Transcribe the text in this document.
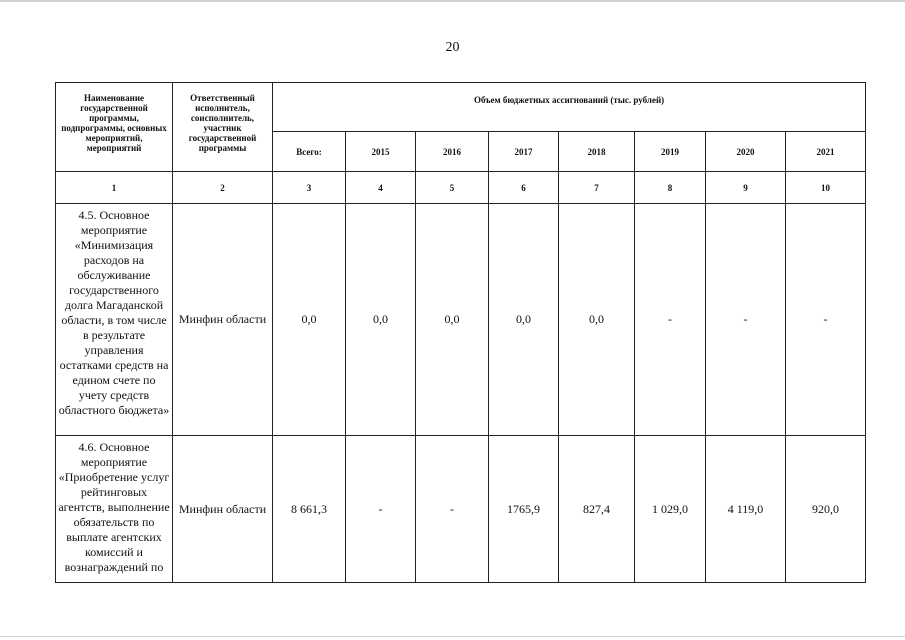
20
Наименование государственной программы, подпрограммы, основных мероприятий, мероприятий	Ответственный исполнитель, соисполнитель, участник государственной программы	Объем бюджетных ассигнований (тыс. рублей)							
		Всего:	2015	2016	2017	2018	2019	2020	2021
1	2	3	4	5	6	7	8	9	10
4.5. Основное мероприятие «Минимизация расходов на обслуживание государственного долга Магаданской области, в том числе в результате управления остатками средств на едином счете по учету средств областного бюджета»	Минфин области	0,0	0,0	0,0	0,0	0,0	-	-	-
4.6. Основное мероприятие «Приобретение услуг рейтинговых агентств, выполнение обязательств по выплате агентских комиссий и вознаграждений по	Минфин области	8 661,3	-	-	1765,9	827,4	1 029,0	4 119,0	920,0
